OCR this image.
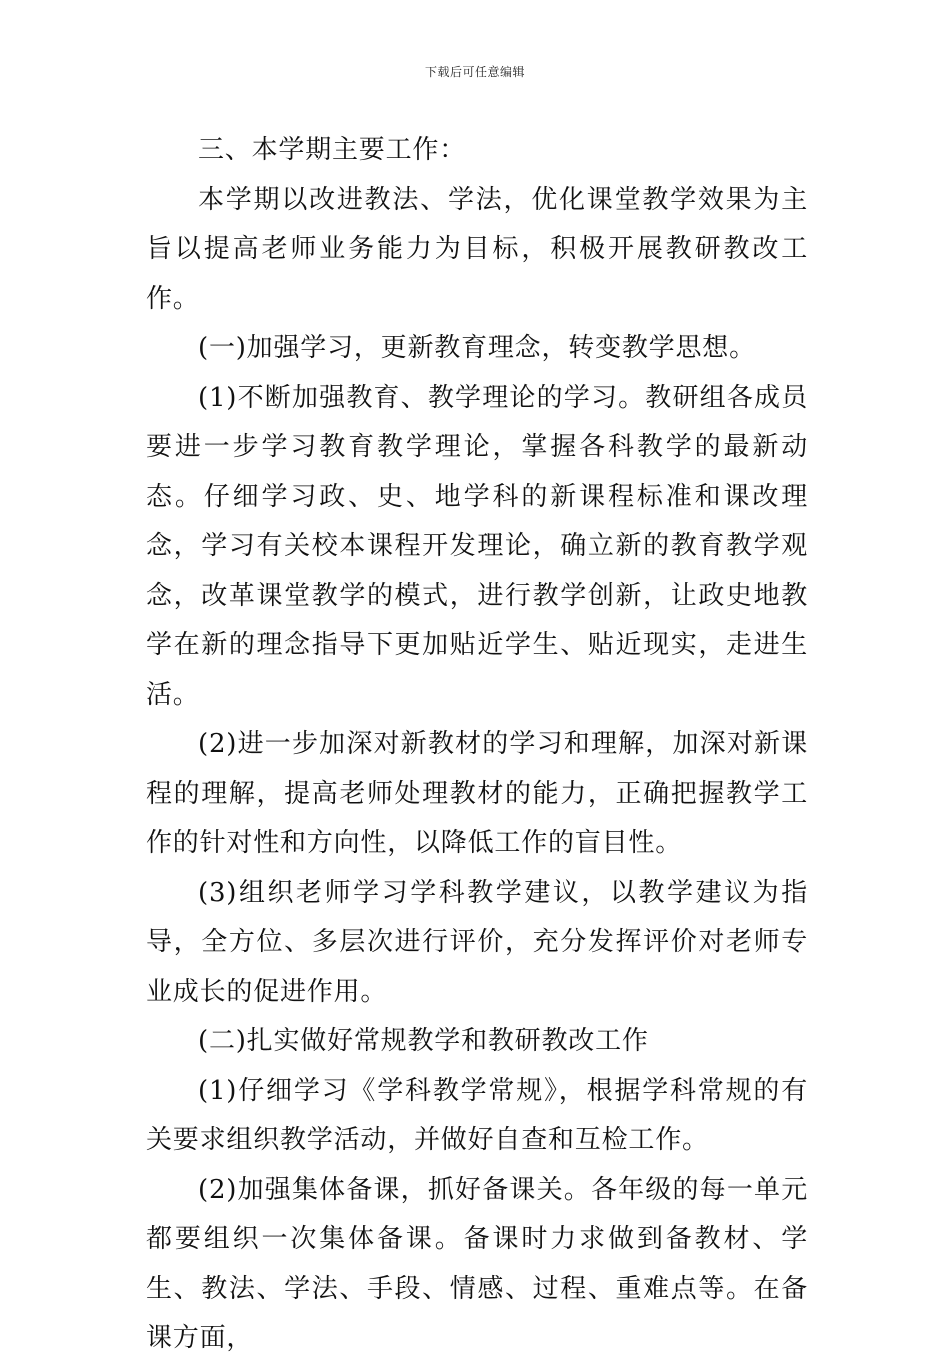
下载后可任意编辑

三、本学期主要工作：

本学期以改进教法、学法，优化课堂教学效果为主旨以提高老师业务能力为目标，积极开展教研教改工作。

(一)加强学习，更新教育理念，转变教学思想。

(1)不断加强教育、教学理论的学习。教研组各成员要进一步学习教育教学理论，掌握各科教学的最新动态。仔细学习政、史、地学科的新课程标准和课改理念，学习有关校本课程开发理论，确立新的教育教学观念，改革课堂教学的模式，进行教学创新，让政史地教学在新的理念指导下更加贴近学生、贴近现实，走进生活。

(2)进一步加深对新教材的学习和理解，加深对新课程的理解，提高老师处理教材的能力，正确把握教学工作的针对性和方向性，以降低工作的盲目性。

(3)组织老师学习学科教学建议，以教学建议为指导，全方位、多层次进行评价，充分发挥评价对老师专业成长的促进作用。

(二)扎实做好常规教学和教研教改工作

(1)仔细学习《学科教学常规》，根据学科常规的有关要求组织教学活动，并做好自查和互检工作。

(2)加强集体备课，抓好备课关。各年级的每一单元都要组织一次集体备课。备课时力求做到备教材、学生、教法、学法、手段、情感、过程、重难点等。在备课方面，
